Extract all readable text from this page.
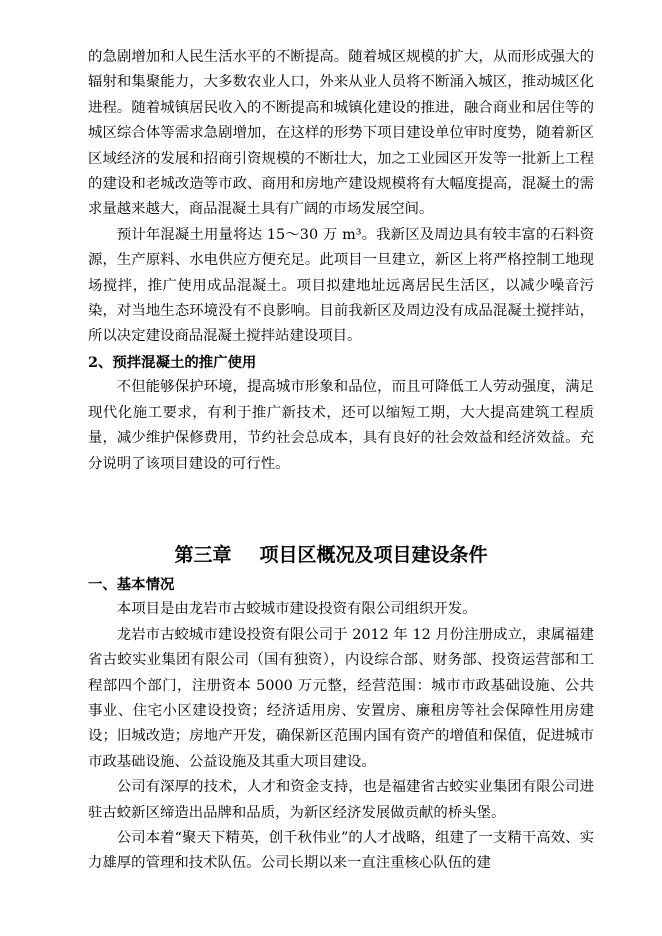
的急剧增加和人民生活水平的不断提高。随着城区规模的扩大，从而形成强大的辐射和集聚能力，大多数农业人口，外来从业人员将不断涌入城区，推动城区化进程。随着城镇居民收入的不断提高和城镇化建设的推进，融合商业和居住等的城区综合体等需求急剧增加，在这样的形势下项目建设单位审时度势，随着新区区域经济的发展和招商引资规模的不断壮大，加之工业园区开发等一批新上工程的建设和老城改造等市政、商用和房地产建设规模将有大幅度提高，混凝土的需求量越来越大，商品混凝土具有广阔的市场发展空间。

预计年混凝土用量将达 15～30 万 m³。我新区及周边具有较丰富的石料资源，生产原料、水电供应方便充足。此项目一旦建立，新区上将严格控制工地现场搅拌，推广使用成品混凝土。项目拟建地址远离居民生活区，以减少噪音污染，对当地生态环境没有不良影响。目前我新区及周边没有成品混凝土搅拌站，所以决定建设商品混凝土搅拌站建设项目。

2、预拌混凝土的推广使用

不但能够保护环境，提高城市形象和品位，而且可降低工人劳动强度，满足现代化施工要求，有利于推广新技术，还可以缩短工期，大大提高建筑工程质量，减少维护保修费用，节约社会总成本，具有良好的社会效益和经济效益。充分说明了该项目建设的可行性。

第三章 项目区概况及项目建设条件

一、基本情况

本项目是由龙岩市古蛟城市建设投资有限公司组织开发。

龙岩市古蛟城市建设投资有限公司于 2012 年 12 月份注册成立，隶属福建省古蛟实业集团有限公司（国有独资），内设综合部、财务部、投资运营部和工程部四个部门，注册资本 5000 万元整，经营范围：城市市政基础设施、公共事业、住宅小区建设投资；经济适用房、安置房、廉租房等社会保障性用房建设；旧城改造；房地产开发，确保新区范围内国有资产的增值和保值，促进城市市政基础设施、公益设施及其重大项目建设。

公司有深厚的技术，人才和资金支持，也是福建省古蛟实业集团有限公司进驻古蛟新区缔造出品牌和品质，为新区经济发展做贡献的桥头堡。

公司本着“聚天下精英，创千秋伟业”的人才战略，组建了一支精干高效、实力雄厚的管理和技术队伍。公司长期以来一直注重核心队伍的建
